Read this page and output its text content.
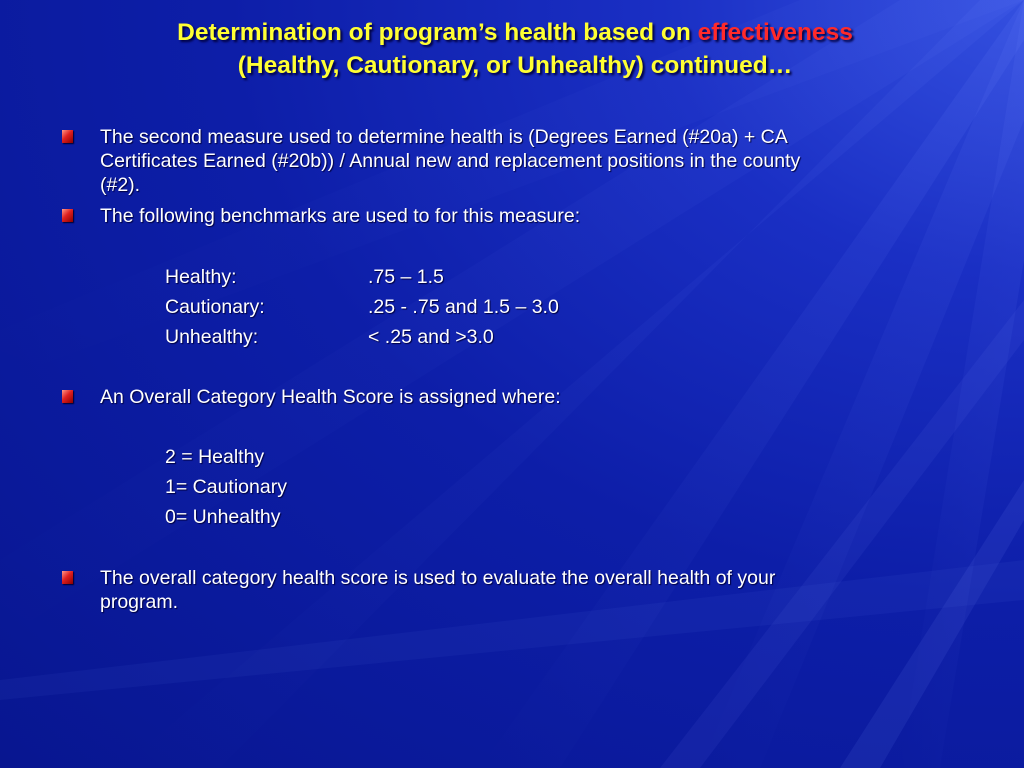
Determination of program’s health based on effectiveness
(Healthy, Cautionary, or Unhealthy) continued…
The second measure used to determine health is (Degrees Earned (#20a) + CA
Certificates Earned (#20b)) / Annual new and replacement positions in the county
(#2).
The following benchmarks are used to for this measure:
Healthy:	.75 – 1.5
Cautionary:	.25 - .75 and 1.5 – 3.0
Unhealthy:	< .25 and >3.0
An Overall Category Health Score is assigned where:
2 = Healthy
1= Cautionary
0= Unhealthy
The overall category health score is used to evaluate the overall health of your
program.
